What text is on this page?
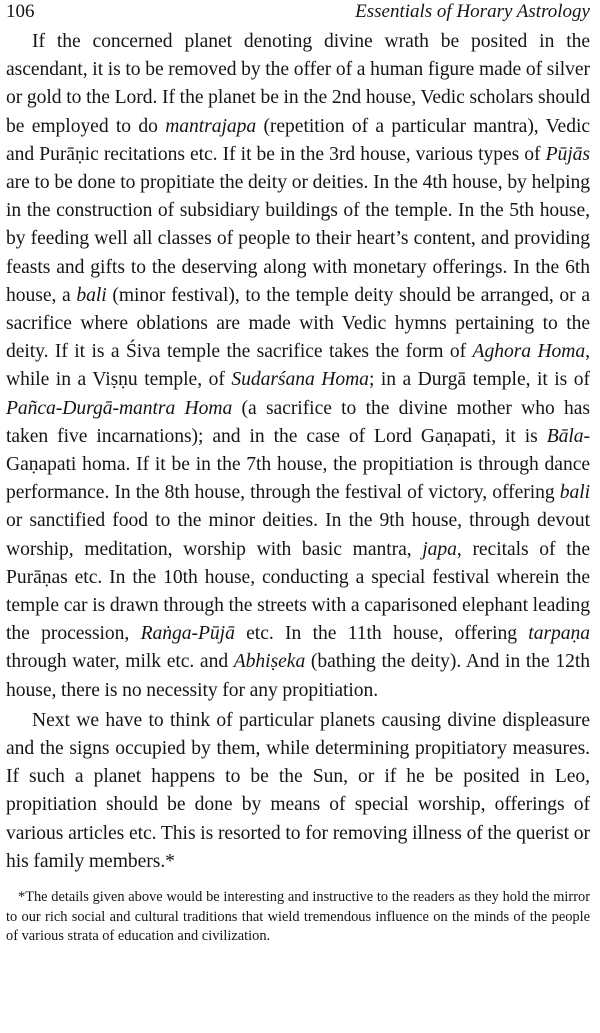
106	Essentials of Horary Astrology

If the concerned planet denoting divine wrath be posited in the ascendant, it is to be removed by the offer of a human figure made of silver or gold to the Lord. If the planet be in the 2nd house, Vedic scholars should be employed to do mantrajapa (repetition of a particular mantra), Vedic and Purāṇic recitations etc. If it be in the 3rd house, various types of Pūjās are to be done to propitiate the deity or deities. In the 4th house, by helping in the construction of subsidiary buildings of the temple. In the 5th house, by feeding well all classes of people to their heart’s content, and providing feasts and gifts to the deserving along with monetary offerings. In the 6th house, a bali (minor festival), to the temple deity should be arranged, or a sacrifice where oblations are made with Vedic hymns pertaining to the deity. If it is a Śiva temple the sacrifice takes the form of Aghora Homa, while in a Viṣṇu temple, of Sudarśana Homa; in a Durgā temple, it is of Pañca-Durgā-mantra Homa (a sacrifice to the divine mother who has taken five incarnations); and in the case of Lord Gaṇapati, it is Bāla-Gaṇapati homa. If it be in the 7th house, the propitiation is through dance performance. In the 8th house, through the festival of victory, offering bali or sanctified food to the minor deities. In the 9th house, through devout worship, meditation, worship with basic mantra, japa, recitals of the Purāṇas etc. In the 10th house, conducting a special festival wherein the temple car is drawn through the streets with a caparisoned elephant leading the procession, Raṅga-Pūjā etc. In the 11th house, offering tarpaṇa through water, milk etc. and Abhiṣeka (bathing the deity). And in the 12th house, there is no necessity for any propitiation.

Next we have to think of particular planets causing divine displeasure and the signs occupied by them, while determining propitiatory measures. If such a planet happens to be the Sun, or if he be posited in Leo, propitiation should be done by means of special worship, offerings of various articles etc. This is resorted to for removing illness of the querist or his family members.*

*The details given above would be interesting and instructive to the readers as they hold the mirror to our rich social and cultural traditions that wield tremendous influence on the minds of the people of various strata of education and civilization.
